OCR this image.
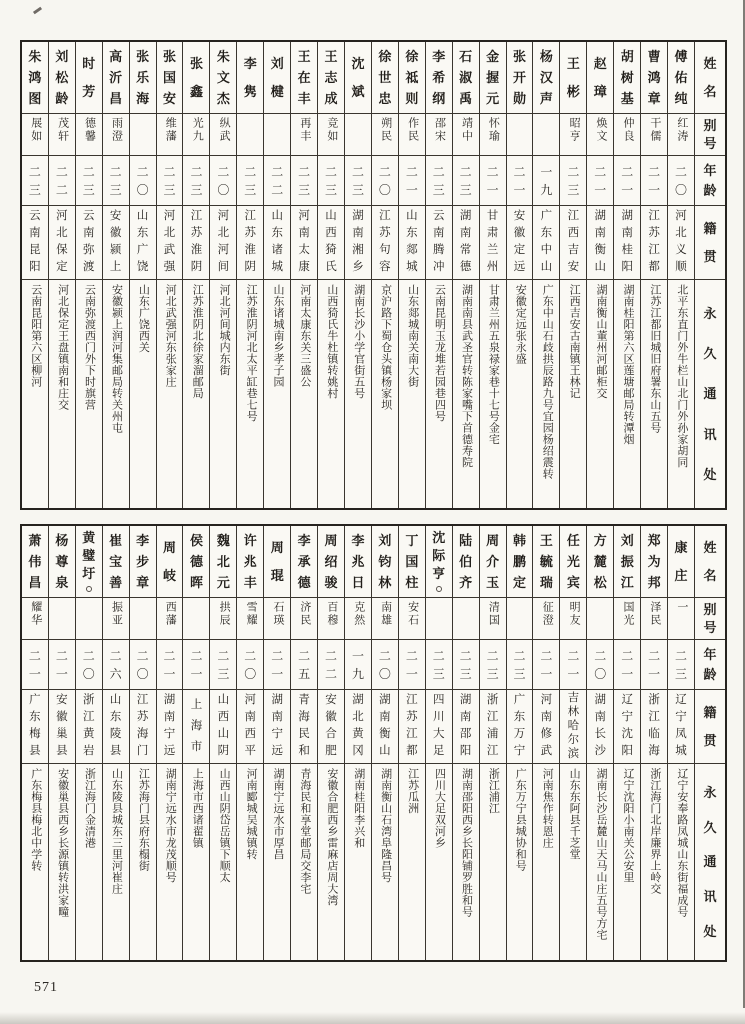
姓
名
别
号
年
龄
籍
贯
永
久
通
讯
处
傅
佑
纯
红涛
二
〇
河
北
义
顺
北平东直门外牛栏山北门外孙家胡同
曹
鸿
章
干儒
二
一
江
苏
江
都
江苏江都旧城旧府署东山五号
胡
树
基
仲良
二
一
湖
南
桂
阳
湖南桂阳第六区莲塘邮局转潭烟
赵
璋
焕文
二
一
湖
南
衡
山
湖南衡山董州河邮柜交
王
彬
昭亨
二
三
江
西
吉
安
江西吉安古南镇王林记
杨
汉
声
一
九
广
东
中
山
广东中山石歧拱辰路九号宜园杨绍震转
张
开
勋
二
一
安
徽
定
远
安徽定远张永盛
金
握
元
怀瑜
二
一
甘
肃
兰
州
甘肃兰州五泉禄家巷十七号金宅
石
淑
禹
靖中
二
三
湖
南
常
德
湖南南县武圣官转陈家嘴下首德寿院
李
希
纲
邵宋
二
三
云
南
腾
冲
云南昆明玉龙堆若园巷四号
徐
祗
则
作民
二
一
山
东
郯
城
山东郯城南关南大街
徐
世
忠
朔民
二
〇
江
苏
句
容
京沪路下蜀仓头镇杨家坝
沈
斌
二
三
湖
南
湘
乡
湖南长沙小学官街五号
王
志
成
竞如
二
三
山
西
猗
氏
山西猗氏牛杜镇转姚村
王
在
丰
再丰
二
三
河
南
太
康
河南太康东关三盛公
刘
楗
二
二
山
东
诸
城
山东诸城南乡孝子园
李
隽
二
三
江
苏
淮
阴
江苏淮阴河北太平缸巷七号
朱
文
杰
纵武
二
〇
河
北
河
间
河北河间城内东街
张
鑫
光九
二
三
江
苏
淮
阴
江苏淮阴北徐家溜邮局
张
国
安
维藩
二
三
河
北
武
强
河北武强河东张家庄
张
乐
海
二
〇
山
东
广
饶
山东广饶西关
高
沂
昌
雨澄
二
三
安
徽
颍
上
安徽颍上润河集邮局转关州屯
时
芳
德馨
二
三
云
南
弥
渡
云南弥渡西门外下时旗营
刘
松
龄
茂轩
二
二
河
北
保
定
河北保定王盘镇南和庄交
朱
鸿
图
展如
二
三
云
南
昆
阳
云南昆阳第六区柳河
姓
名
别
号
年
龄
籍
贯
永
久
通
讯
处
康
庄
一
二
三
辽
宁
凤
城
辽宁安奉路凤城山东街福成号
郑
为
邦
泽民
二
一
浙
江
临
海
浙江海门北岸廉界上岭交
刘
振
江
国光
二
一
辽
宁
沈
阳
辽宁沈阳小南关公安里
方
麓
松
二
〇
湖
南
长
沙
湖南长沙岳麓山天马山庄五号方宅
任
光
宾
明友
二
一
吉
林
哈
尔
滨
山东东阿县千芝堂
王
毓
瑞
征澄
二
一
河
南
修
武
河南焦作转恩庄
韩
鹏
定
二
三
广
东
万
宁
广东万宁县城协和号
周
介
玉
清国
二
三
浙
江
浦
江
浙江浦江
陆
伯
齐
二
三
湖
南
邵
阳
湖南邵阳西乡长阳铺罗胜和号
沈
际
亨
二
三
四
川
大
足
四川大足双河乡
丁
国
柱
安石
二
一
江
苏
江
都
江苏瓜洲
刘
钧
林
南雄
二
〇
湖
南
衡
山
湖南衡山石湾阜隆昌号
李
兆
日
克然
一
九
湖
北
黄
冈
湖南桂阳李兴和
周
绍
骏
百穆
二
二
安
徽
合
肥
安徽合肥西乡雷麻店周大湾
李
承
德
济民
二
五
青
海
民
和
青海民和享堂邮局交李宅
周
琨
石瑛
二
一
湖
南
宁
远
湖南宁远水市厚昌
许
兆
丰
雪耀
二
〇
河
南
西
平
河南郾城吴城镇转
魏
北
元
拱辰
二
三
山
西
山
阴
山西山阴岱岳镇下顺太
侯
德
晖
二
一
上
海
市
上海市西诸翟镇
周
岐
西藩
二
一
湖
南
宁
远
湖南宁远水市龙茂顺号
李
步
章
二
〇
江
苏
海
门
江苏海门县府东榻街
崔
宝
善
振亚
二
六
山
东
陵
县
山东陵县城东三里河崔庄
黄
璧
圩
二
〇
浙
江
黄
岩
浙江海门金清港
杨
尊
泉
二
一
安
徽
巢
县
安徽巢县西乡长源镇转洪家疃
萧
伟
昌
耀华
二
一
广
东
梅
县
广东梅县梅北中学转
571
